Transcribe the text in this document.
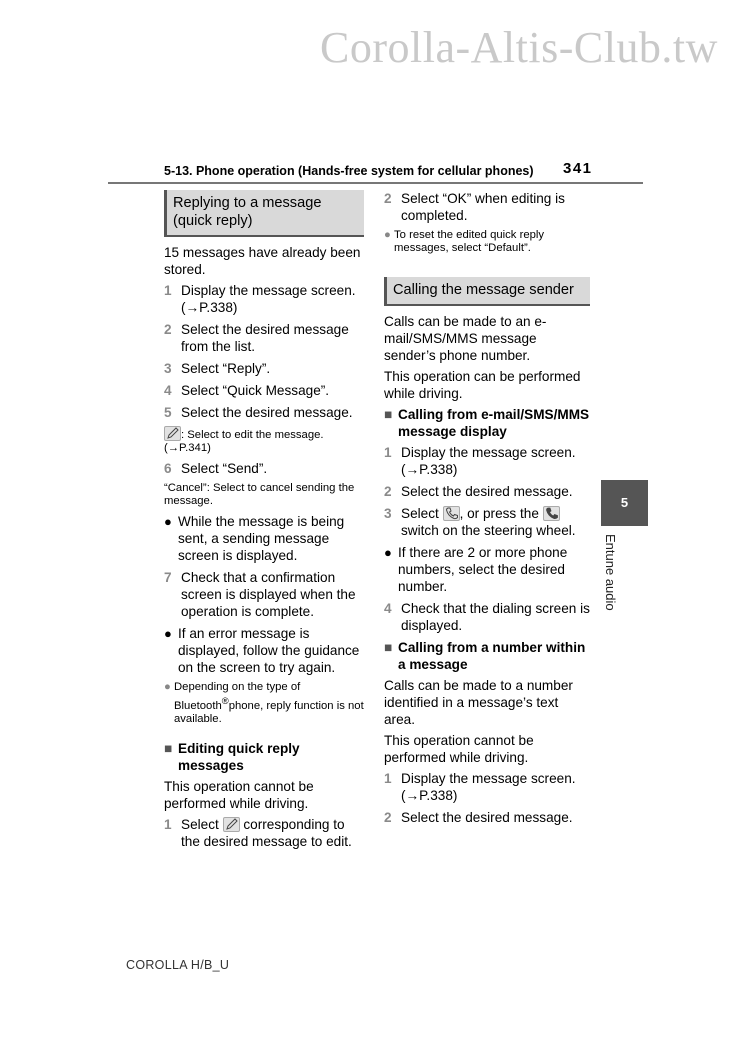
Corolla-Altis-Club.tw
5-13. Phone operation (Hands-free system for cellular phones) 341
Replying to a message (quick reply)
15 messages have already been stored.
1 Display the message screen. (→P.338)
2 Select the desired message from the list.
3 Select “Reply”.
4 Select “Quick Message”.
5 Select the desired message.
: Select to edit the message. (→P.341)
6 Select “Send”.
“Cancel”: Select to cancel sending the message.
● While the message is being sent, a sending message screen is displayed.
7 Check that a confirmation screen is displayed when the operation is complete.
● If an error message is displayed, follow the guidance on the screen to try again.
● Depending on the type of Bluetooth®phone, reply function is not available.
■ Editing quick reply messages
This operation cannot be performed while driving.
1 Select corresponding to the desired message to edit.
2 Select “OK” when editing is completed.
● To reset the edited quick reply messages, select “Default”.
Calling the message sender
Calls can be made to an e-mail/SMS/MMS message sender’s phone number.
This operation can be performed while driving.
■ Calling from e-mail/SMS/MMS message display
1 Display the message screen. (→P.338)
2 Select the desired message.
3 Select , or press the
switch on the steering wheel.
● If there are 2 or more phone numbers, select the desired number.
4 Check that the dialing screen is displayed.
■ Calling from a number within a message
Calls can be made to a number identified in a message’s text area.
This operation cannot be performed while driving.
1 Display the message screen. (→P.338)
2 Select the desired message.
5
Entune audio
COROLLA H/B_U
